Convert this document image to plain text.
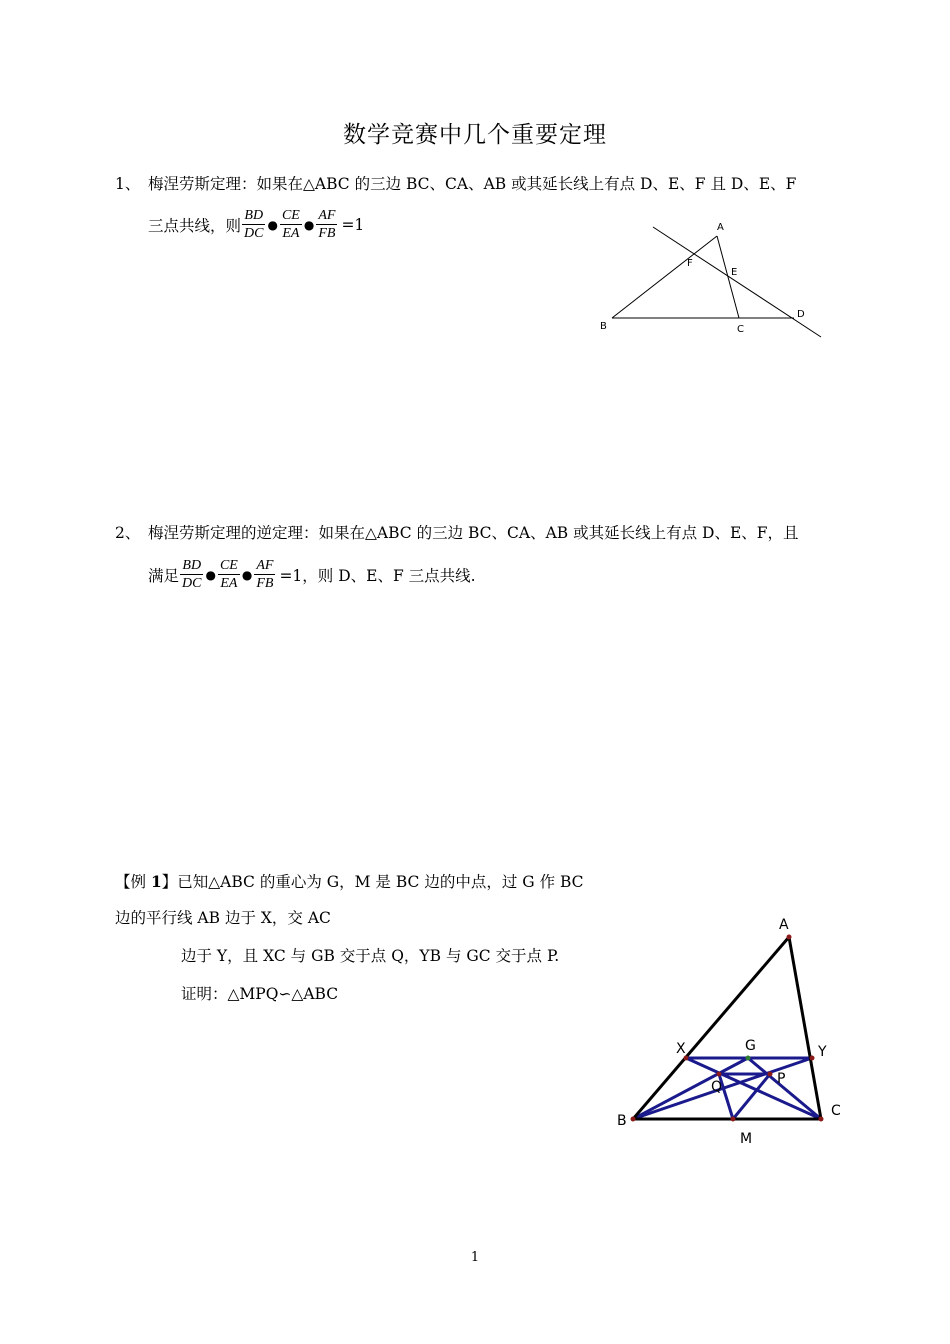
数学竞赛中几个重要定理
1、 梅涅劳斯定理：如果在△ABC 的三边 BC、CA、AB 或其延长线上有点 D、E、F 且 D、E、F
三点共线，则 $\frac{BD}{DC}$ ● $\frac{CE}{EA}$ ● $\frac{AF}{FB} =1$	A
B	C
D
E
F
2、 梅涅劳斯定理的逆定理：如果在△ABC 的三边 BC、CA、AB 或其延长线上有点 D、E、F，且
满足 $\frac{BD}{DC}$ ● $\frac{CE}{EA}$ ● $\frac{AF}{FB} =1$，则 D、E、F 三点共线.
【例 1】已知△ABC 的重心为 G，M 是 BC 边的中点，过 G 作 BC
边的平行线 AB 边于 X，交 AC
边于 Y，且 XC 与 GB 交于点 Q，YB 与 GC 交于点 P.
证明：△MPQ∽△ABC
A
B
C
M
X	Y
G
Q	P
1
